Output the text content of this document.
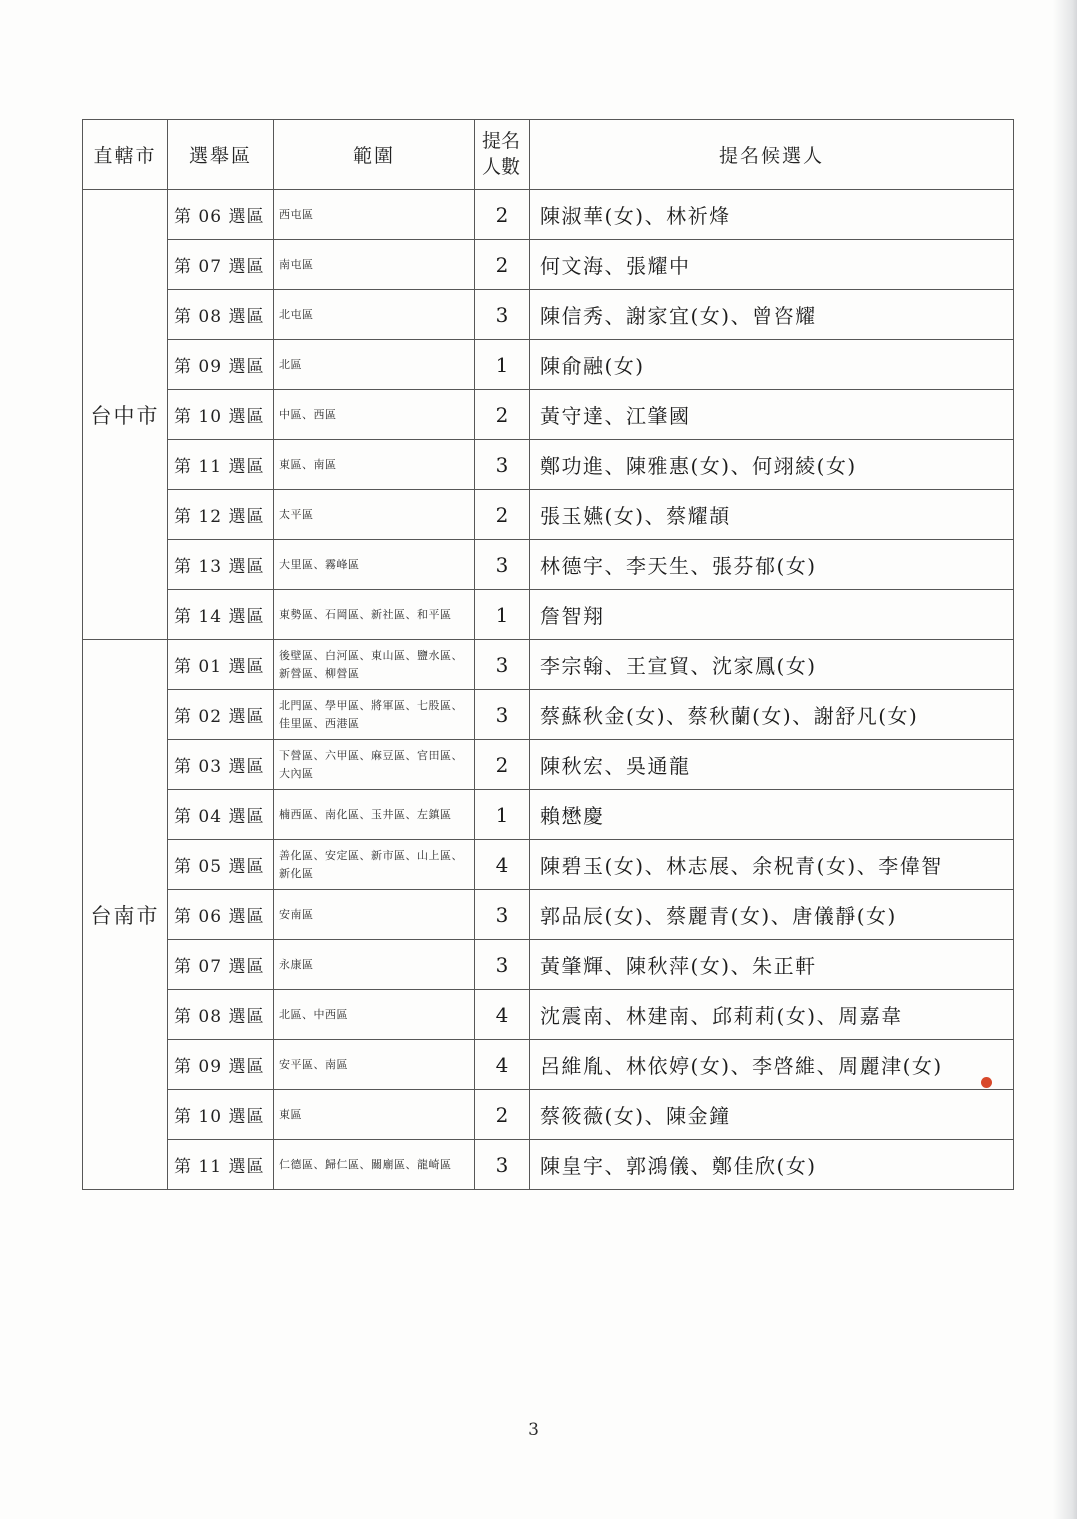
直轄市	選舉區	範圍	提名人數	提名候選人
台中市	第 06 選區	西屯區	2	陳淑華(女)、林祈烽
	第 07 選區	南屯區	2	何文海、張耀中
	第 08 選區	北屯區	3	陳信秀、謝家宜(女)、曾咨耀
	第 09 選區	北區	1	陳俞融(女)
	第 10 選區	中區、西區	2	黃守達、江肇國
	第 11 選區	東區、南區	3	鄭功進、陳雅惠(女)、何翊綾(女)
	第 12 選區	太平區	2	張玉嬿(女)、蔡耀頡
	第 13 選區	大里區、霧峰區	3	林德宇、李天生、張芬郁(女)
	第 14 選區	東勢區、石岡區、新社區、和平區	1	詹智翔
台南市	第 01 選區	後壁區、白河區、東山區、鹽水區、新營區、柳營區	3	李宗翰、王宣貿、沈家鳳(女)
	第 02 選區	北門區、學甲區、將軍區、七股區、佳里區、西港區	3	蔡蘇秋金(女)、蔡秋蘭(女)、謝舒凡(女)
	第 03 選區	下營區、六甲區、麻豆區、官田區、大內區	2	陳秋宏、吳通龍
	第 04 選區	楠西區、南化區、玉井區、左鎮區	1	賴懋慶
	第 05 選區	善化區、安定區、新市區、山上區、新化區	4	陳碧玉(女)、林志展、余柷青(女)、李偉智
	第 06 選區	安南區	3	郭品辰(女)、蔡麗青(女)、唐儀靜(女)
	第 07 選區	永康區	3	黃肇輝、陳秋萍(女)、朱正軒
	第 08 選區	北區、中西區	4	沈震南、林建南、邱莉莉(女)、周嘉韋
	第 09 選區	安平區、南區	4	呂維胤、林依婷(女)、李啓維、周麗津(女)
	第 10 選區	東區	2	蔡筱薇(女)、陳金鐘
	第 11 選區	仁德區、歸仁區、關廟區、龍崎區	3	陳皇宇、郭鴻儀、鄭佳欣(女)
3
